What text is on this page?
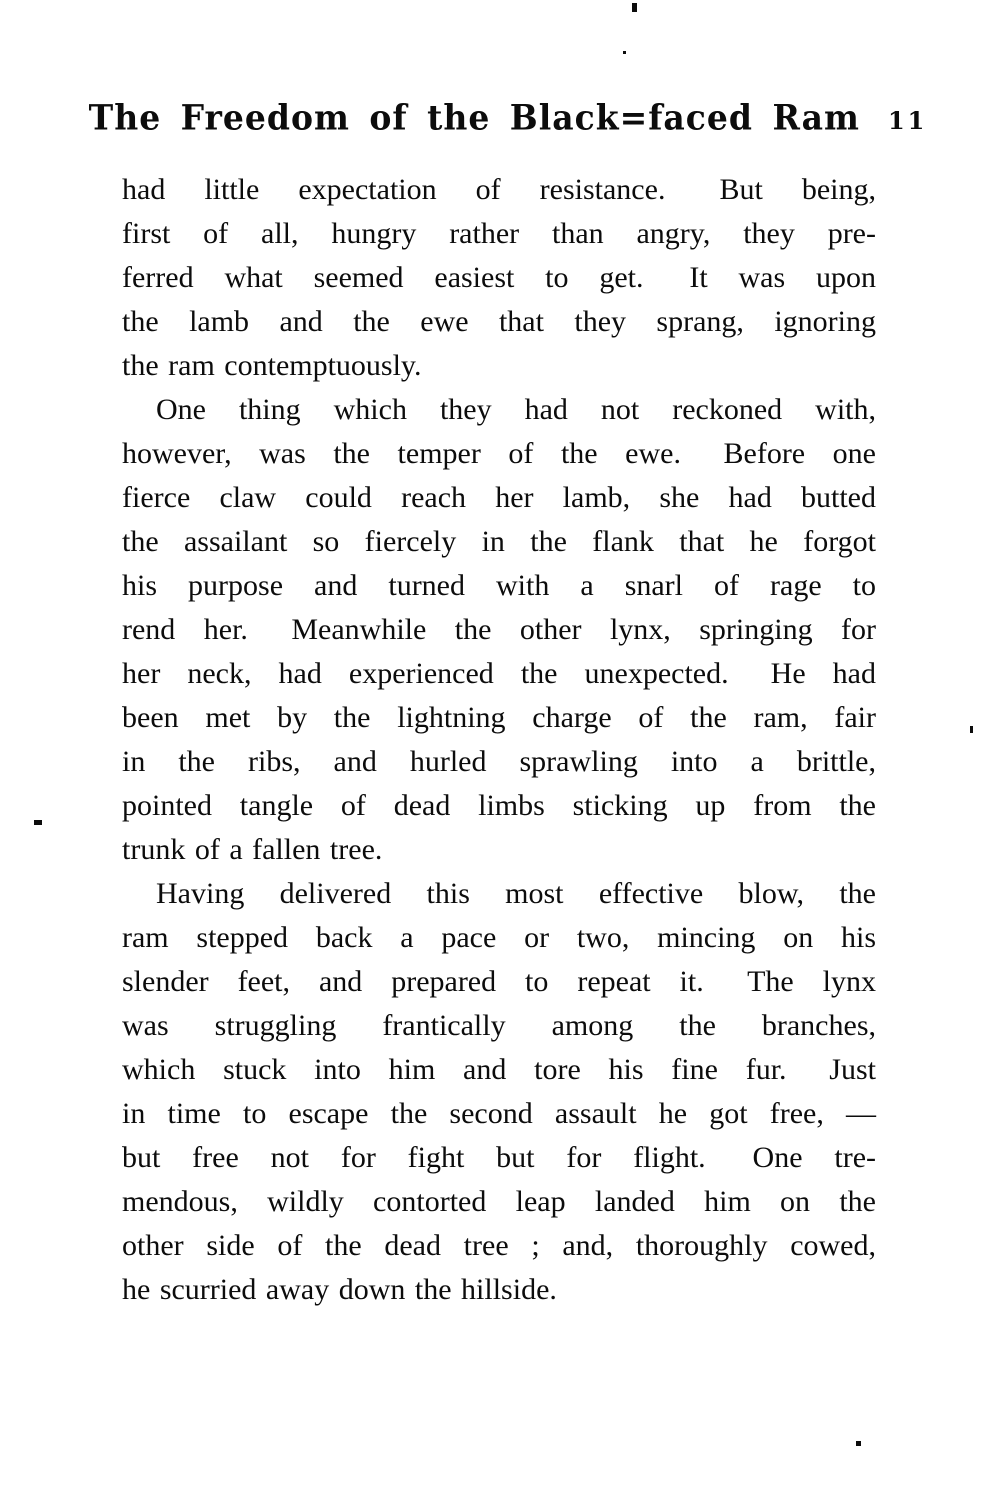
The Freedom of the Black=faced Ram 11
had little expectation of resistance.  But being,
first of all, hungry rather than angry, they pre-
ferred what seemed easiest to get.  It was upon
the lamb and the ewe that they sprang, ignoring
the ram contemptuously.
One thing which they had not reckoned with,
however, was the temper of the ewe.  Before one
fierce claw could reach her lamb, she had butted
the assailant so fiercely in the flank that he forgot
his purpose and turned with a snarl of rage to
rend her.  Meanwhile the other lynx, springing for
her neck, had experienced the unexpected.  He had
been met by the lightning charge of the ram, fair
in the ribs, and hurled sprawling into a brittle,
pointed tangle of dead limbs sticking up from the
trunk of a fallen tree.
Having delivered this most effective blow, the
ram stepped back a pace or two, mincing on his
slender feet, and prepared to repeat it.  The lynx
was struggling frantically among the branches,
which stuck into him and tore his fine fur.  Just
in time to escape the second assault he got free, —
but free not for fight but for flight.  One tre-
mendous, wildly contorted leap landed him on the
other side of the dead tree ; and, thoroughly cowed,
he scurried away down the hillside.
